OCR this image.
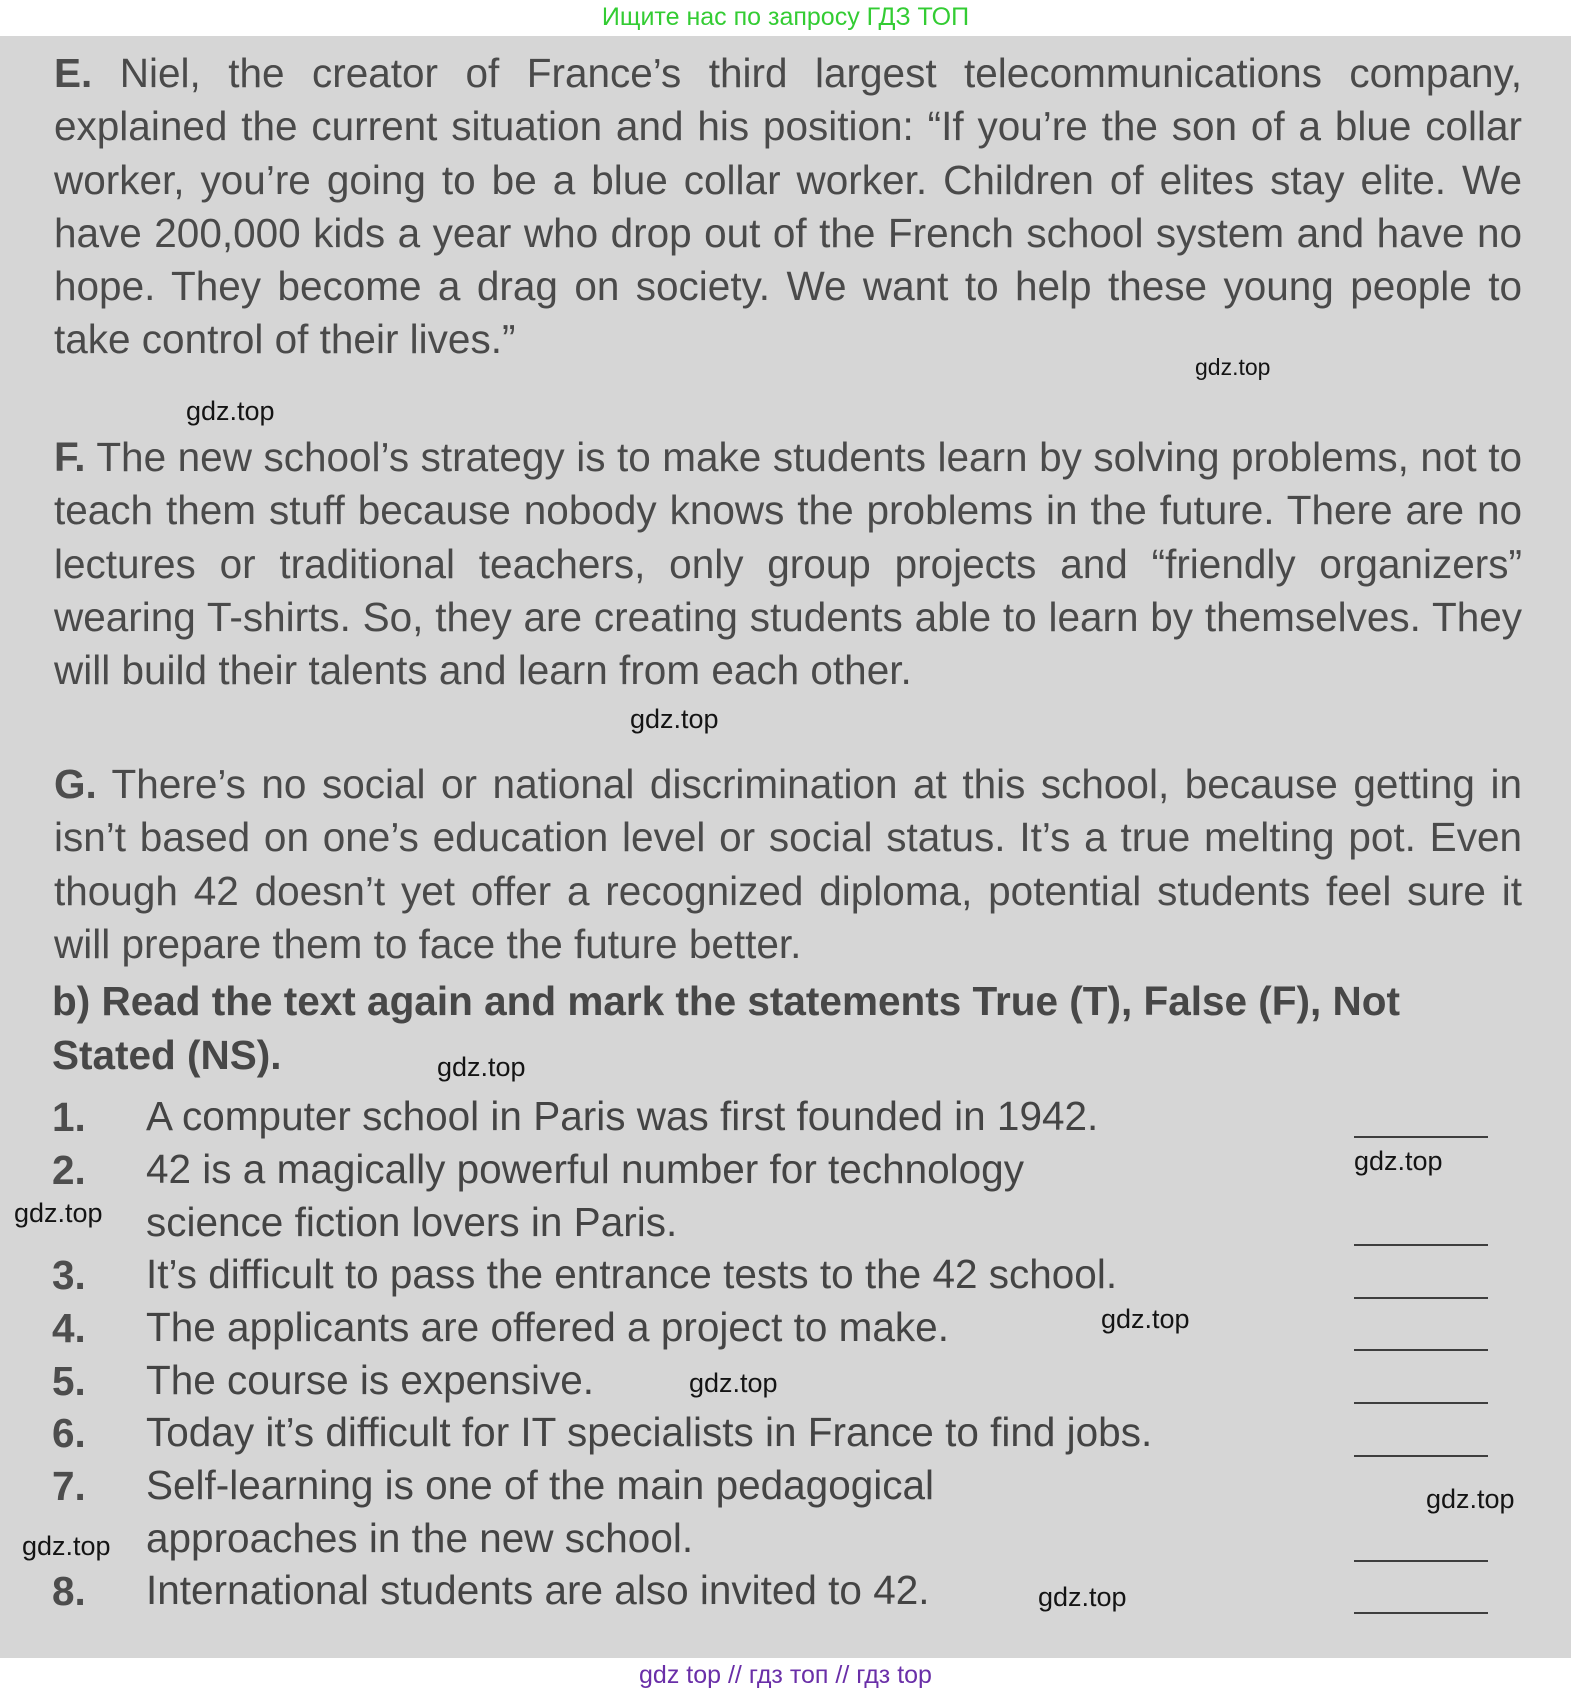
Ищите нас по запросу ГДЗ ТОП
E. Niel, the creator of France’s third largest telecommunications company, explained the current situation and his position: “If you’re the son of a blue collar worker, you’re going to be a blue collar worker. Children of elites stay elite. We have 200,000 kids a year who drop out of the French school system and have no hope. They become a drag on society. We want to help these young people to take control of their lives.”
F. The new school’s strategy is to make students learn by solving problems, not to teach them stuff because nobody knows the problems in the future. There are no lectures or traditional teachers, only group projects and “friendly organizers” wearing T-shirts. So, they are creating students able to learn by themselves. They will build their talents and learn from each other.
G. There’s no social or national discrimination at this school, because getting in isn’t based on one’s education level or social status. It’s a true melting pot. Even though 42 doesn’t yet offer a recognized diploma, potential students feel sure it will prepare them to face the future better.
b) Read the text again and mark the statements True (T), False (F), Not Stated (NS).
1. A computer school in Paris was first founded in 1942.
2. 42 is a magically powerful number for technology
science fiction lovers in Paris.
3. It’s difficult to pass the entrance tests to the 42 school.
4. The applicants are offered a project to make.
5. The course is expensive.
6. Today it’s difficult for IT specialists in France to find jobs.
7. Self-learning is one of the main pedagogical
approaches in the new school.
8. International students are also invited to 42.
gdz.top
gdz.top
gdz.top
gdz.top
gdz.top
gdz.top
gdz.top
gdz.top
gdz.top
gdz.top
gdz.top
gdz top // гдз топ // гдз top
